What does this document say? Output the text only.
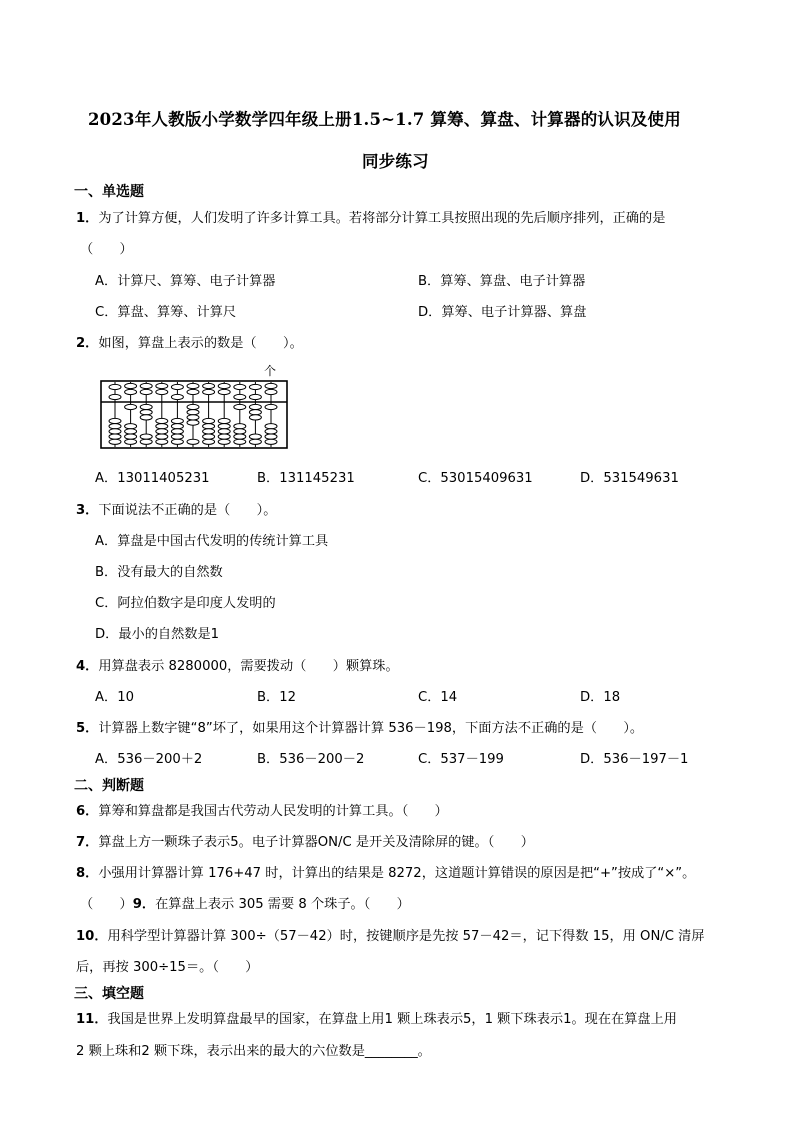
2023年人教版小学数学四年级上册1.5~1.7 算筹、算盘、计算器的认识及使用
同步练习
一、单选题
1．为了计算方便，人们发明了许多计算工具。若将部分计算工具按照出现的先后顺序排列，正确的是
（　　）
A．计算尺、算筹、电子计算器	B．算筹、算盘、电子计算器
C．算盘、算筹、计算尺	D．算筹、电子计算器、算盘
2．如图，算盘上表示的数是（　　）。
个
A．13011405231	B．131145231	C．53015409631	D．531549631
3．下面说法不正确的是（　　）。
A．算盘是中国古代发明的传统计算工具
B．没有最大的自然数
C．阿拉伯数字是印度人发明的
D．最小的自然数是1
4．用算盘表示 8280000，需要拨动（　　）颗算珠。
A．10	B．12	C．14	D．18
5．计算器上数字键“8”坏了，如果用这个计算器计算 536－198，下面方法不正确的是（　　）。
A．536－200＋2	B．536－200－2	C．537－199	D．536－197－1
二、判断题
6．算筹和算盘都是我国古代劳动人民发明的计算工具。（　　）
7．算盘上方一颗珠子表示5。电子计算器ON/C 是开关及清除屏的键。（　　）
8．小强用计算器计算 176+47 时，计算出的结果是 8272，这道题计算错误的原因是把“+”按成了“×”。
（　　）9．在算盘上表示 305 需要 8 个珠子。（　　）
10．用科学型计算器计算 300÷（57－42）时，按键顺序是先按 57－42＝，记下得数 15，用 ON/C 清屏
后，再按 300÷15＝。（　　）
三、填空题
11．我国是世界上发明算盘最早的国家，在算盘上用1 颗上珠表示5，1 颗下珠表示1。现在在算盘上用
2 颗上珠和2 颗下珠，表示出来的最大的六位数是________。
